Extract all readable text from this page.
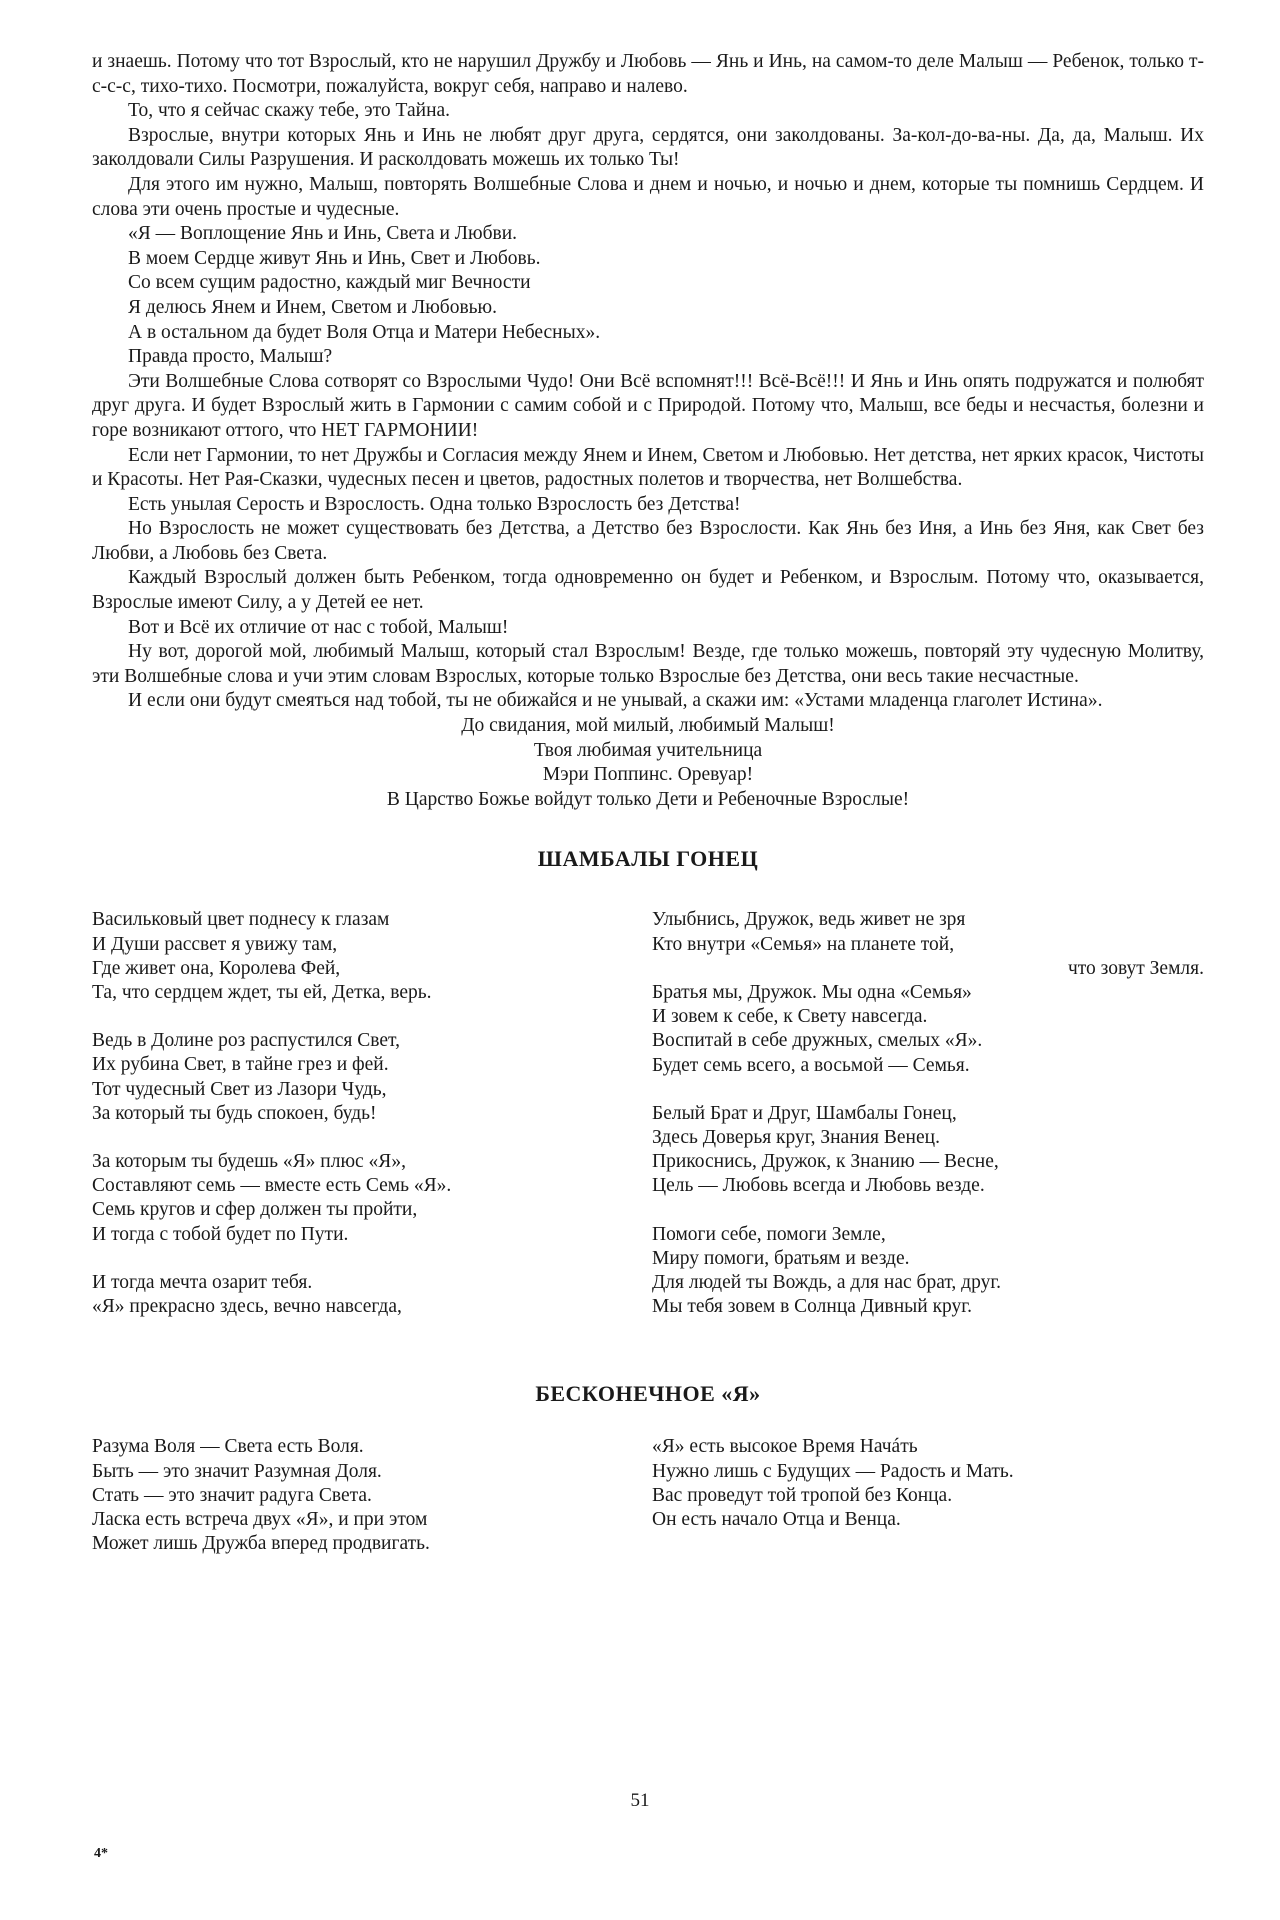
и знаешь. Потому что тот Взрослый, кто не нарушил Дружбу и Любовь — Янь и Инь, на самом-то деле Малыш — Ребенок, только т-с-с-с, тихо-тихо. Посмотри, пожалуйста, вокруг себя, направо и налево.

То, что я сейчас скажу тебе, это Тайна.

Взрослые, внутри которых Янь и Инь не любят друг друга, сердятся, они заколдованы. За-кол-до-ва-ны. Да, да, Малыш. Их заколдовали Силы Разрушения. И расколдовать можешь их только Ты!

Для этого им нужно, Малыш, повторять Волшебные Слова и днем и ночью, и ночью и днем, которые ты помнишь Сердцем. И слова эти очень простые и чудесные.

«Я — Воплощение Янь и Инь, Света и Любви.

В моем Сердце живут Янь и Инь, Свет и Любовь.

Со всем сущим радостно, каждый миг Вечности

Я делюсь Янем и Инем, Светом и Любовью.

А в остальном да будет Воля Отца и Матери Небесных».

Правда просто, Малыш?

Эти Волшебные Слова сотворят со Взрослыми Чудо! Они Всё вспомнят!!! Всё-Всё!!! И Янь и Инь опять подружатся и полюбят друг друга. И будет Взрослый жить в Гармонии с самим собой и с Природой. Потому что, Малыш, все беды и несчастья, болезни и горе возникают оттого, что НЕТ ГАРМОНИИ!

Если нет Гармонии, то нет Дружбы и Согласия между Янем и Инем, Светом и Любовью. Нет детства, нет ярких красок, Чистоты и Красоты. Нет Рая-Сказки, чудесных песен и цветов, радостных полетов и творчества, нет Волшебства.

Есть унылая Серость и Взрослость. Одна только Взрослость без Детства!

Но Взрослость не может существовать без Детства, а Детство без Взрослости. Как Янь без Иня, а Инь без Яня, как Свет без Любви, а Любовь без Света.

Каждый Взрослый должен быть Ребенком, тогда одновременно он будет и Ребенком, и Взрослым. Потому что, оказывается, Взрослые имеют Силу, а у Детей ее нет.

Вот и Всё их отличие от нас с тобой, Малыш!

Ну вот, дорогой мой, любимый Малыш, который стал Взрослым! Везде, где только можешь, повторяй эту чудесную Молитву, эти Волшебные слова и учи этим словам Взрослых, которые только Взрослые без Детства, они весь такие несчастные.

И если они будут смеяться над тобой, ты не обижайся и не унывай, а скажи им: «Устами младенца глаголет Истина».

До свидания, мой милый, любимый Малыш!
Твоя любимая учительница
Мэри Поппинс. Оревуар!
В Царство Божье войдут только Дети и Ребеночные Взрослые!
ШАМБАЛЫ ГОНЕЦ
Васильковый цвет поднесу к глазам
И Души рассвет я увижу там,
Где живет она, Королева Фей,
Та, что сердцем ждет, ты ей, Детка, верь.
Ведь в Долине роз распустился Свет,
Их рубина Свет, в тайне грез и фей.
Тот чудесный Свет из Лазори Чудь,
За который ты будь спокоен, будь!
За которым ты будешь «Я» плюс «Я»,
Составляют семь — вместе есть Семь «Я».
Семь кругов и сфер должен ты пройти,
И тогда с тобой будет по Пути.
И тогда мечта озарит тебя.
«Я» прекрасно здесь, вечно навсегда,
Улыбнись, Дружок, ведь живет не зря
Кто внутри «Семья» на планете той,
что зовут Земля.
Братья мы, Дружок. Мы одна «Семья»
И зовем к себе, к Свету навсегда.
Воспитай в себе дружных, смелых «Я».
Будет семь всего, а восьмой — Семья.
Белый Брат и Друг, Шамбалы Гонец,
Здесь Доверья круг, Знания Венец.
Прикоснись, Дружок, к Знанию — Весне,
Цель — Любовь всегда и Любовь везде.
Помоги себе, помоги Земле,
Миру помоги, братьям и везде.
Для людей ты Вождь, а для нас брат, друг.
Мы тебя зовем в Солнца Дивный круг.
БЕСКОНЕЧНОЕ «Я»
Разума Воля — Света есть Воля.
Быть — это значит Разумная Доля.
Стать — это значит радуга Света.
Ласка есть встреча двух «Я», и при этом
Может лишь Дружба вперед продвигать.
«Я» есть высокое Время Начáть
Нужно лишь с Будущих — Радость и Мать.
Вас проведут той тропой без Конца.
Он есть начало Отца и Венца.
51
4*
